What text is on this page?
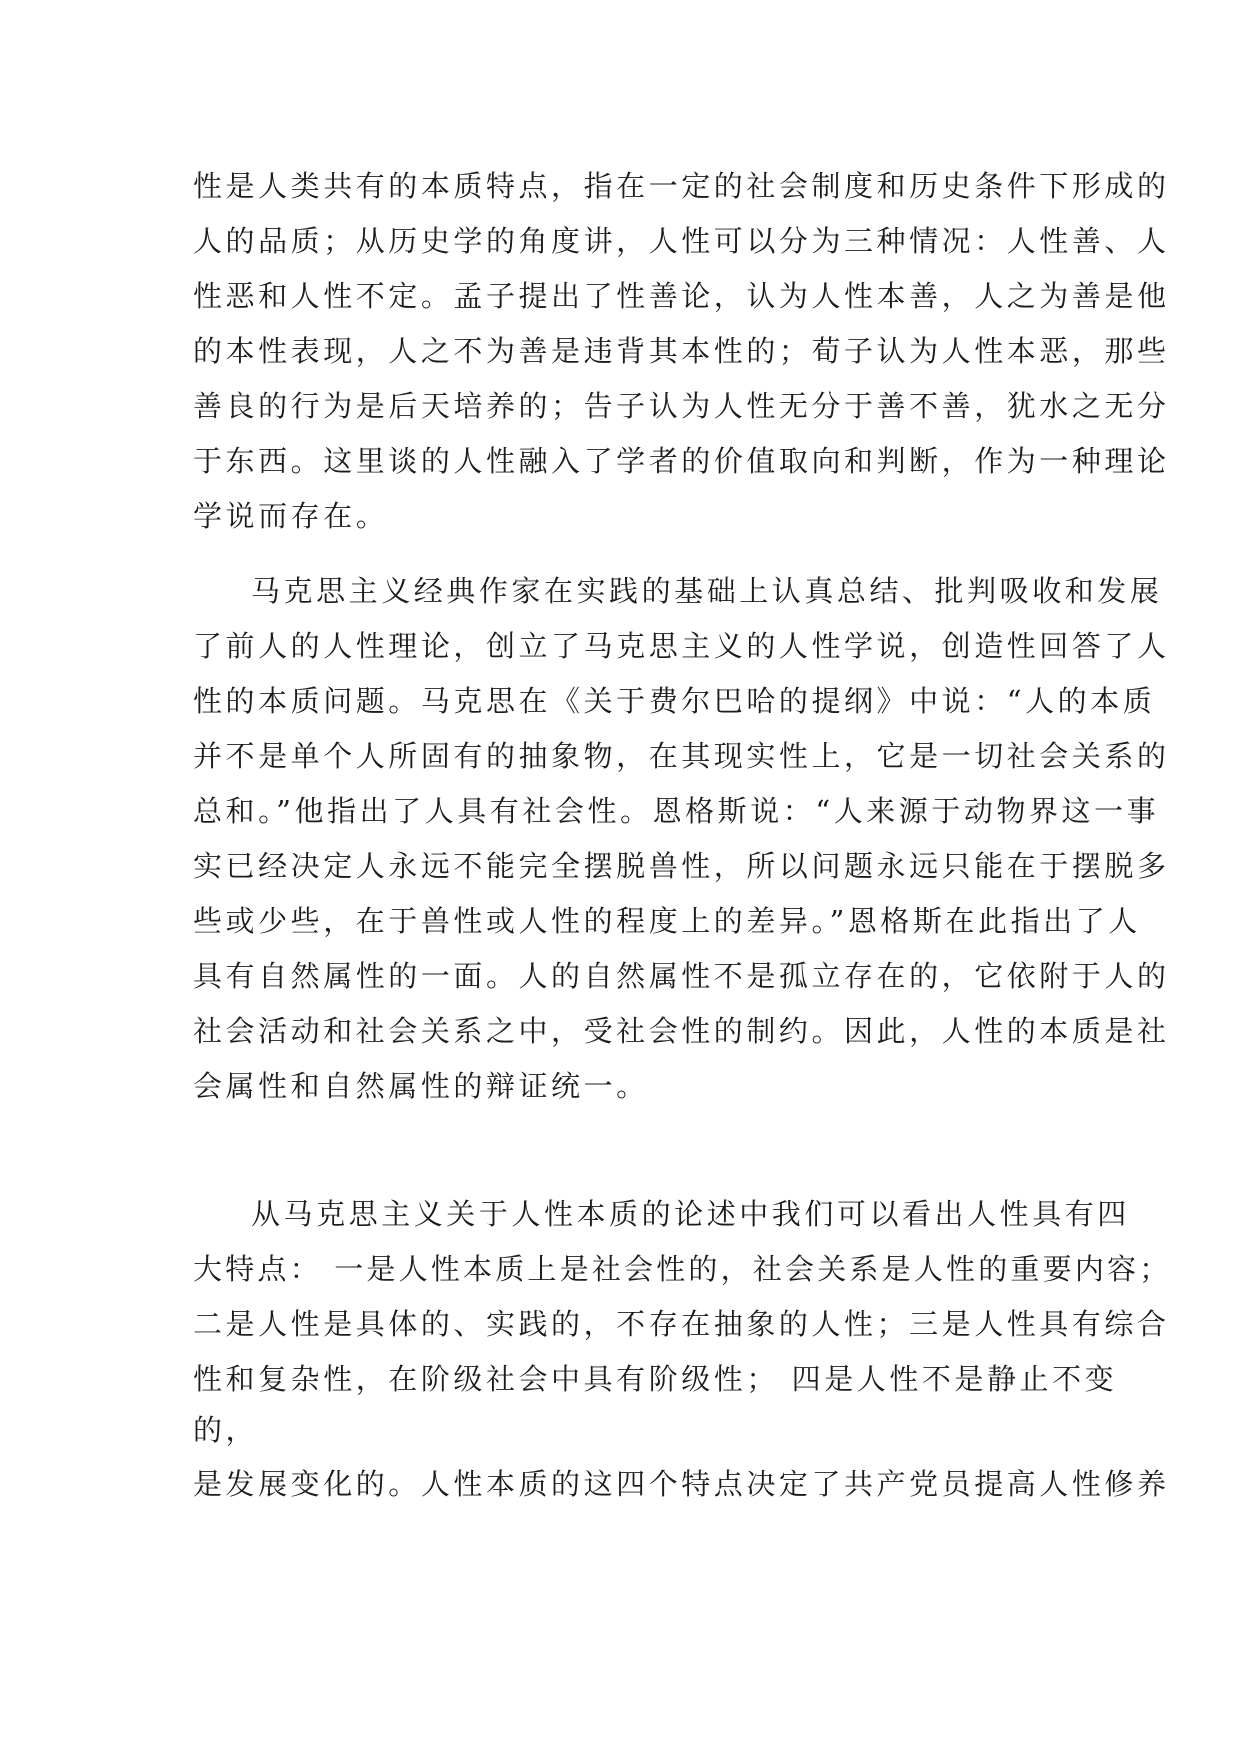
性是人类共有的本质特点，指在一定的社会制度和历史条件下形成的

人的品质；从历史学的角度讲，人性可以分为三种情况：人性善、人

性恶和人性不定。孟子提出了性善论，认为人性本善，人之为善是他

的本性表现，人之不为善是违背其本性的；荀子认为人性本恶，那些

善良的行为是后天培养的；告子认为人性无分于善不善，犹水之无分

于东西。这里谈的人性融入了学者的价值取向和判断，作为一种理论

学说而存在。

马克思主义经典作家在实践的基础上认真总结、批判吸收和发展

了前人的人性理论，创立了马克思主义的人性学说，创造性回答了人

性的本质问题。马克思在《关于费尔巴哈的提纲》中说：“人的本质

并不是单个人所固有的抽象物，在其现实性上，它是一切社会关系的

总和。”他指出了人具有社会性。恩格斯说：“人来源于动物界这一事

实已经决定人永远不能完全摆脱兽性，所以问题永远只能在于摆脱多

些或少些，在于兽性或人性的程度上的差异。”恩格斯在此指出了人

具有自然属性的一面。人的自然属性不是孤立存在的，它依附于人的

社会活动和社会关系之中，受社会性的制约。因此，人性的本质是社

会属性和自然属性的辩证统一。

从马克思主义关于人性本质的论述中我们可以看出人性具有四

大特点： 一是人性本质上是社会性的，社会关系是人性的重要内容；

二是人性是具体的、实践的，不存在抽象的人性；三是人性具有综合

性和复杂性，在阶级社会中具有阶级性； 四是人性不是静止不变

的，

是发展变化的。人性本质的这四个特点决定了共产党员提高人性修养
